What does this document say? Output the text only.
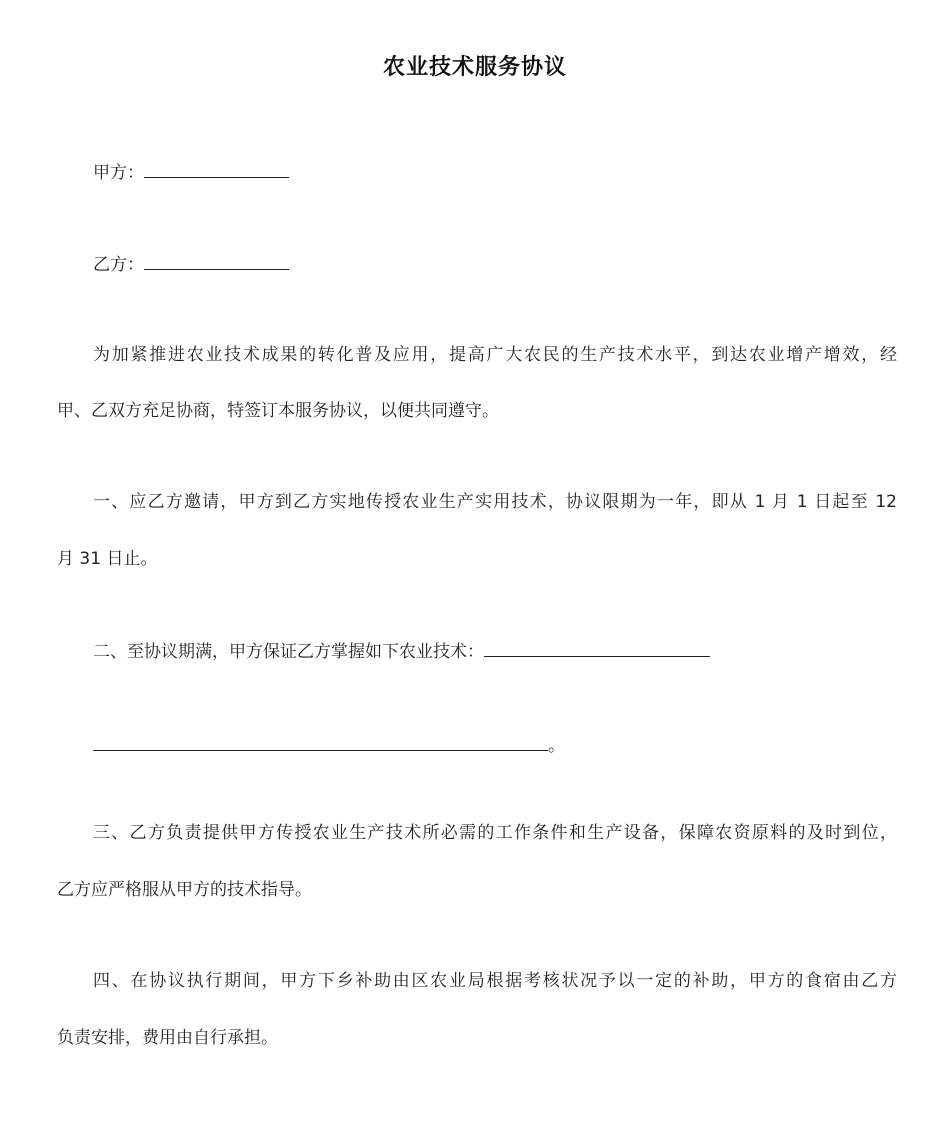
农业技术服务协议
甲方：
乙方：
为加紧推进农业技术成果的转化普及应用，提高广大农民的生产技术水平，到达农业增产增效，经
甲、乙双方充足协商，特签订本服务协议，以便共同遵守。
一、应乙方邀请，甲方到乙方实地传授农业生产实用技术，协议限期为一年，即从 1 月 1 日起至 12
月 31 日止。
二、至协议期满，甲方保证乙方掌握如下农业技术：
。
三、乙方负责提供甲方传授农业生产技术所必需的工作条件和生产设备，保障农资原料的及时到位，
乙方应严格服从甲方的技术指导。
四、在协议执行期间，甲方下乡补助由区农业局根据考核状况予以一定的补助，甲方的食宿由乙方
负责安排，费用由自行承担。
